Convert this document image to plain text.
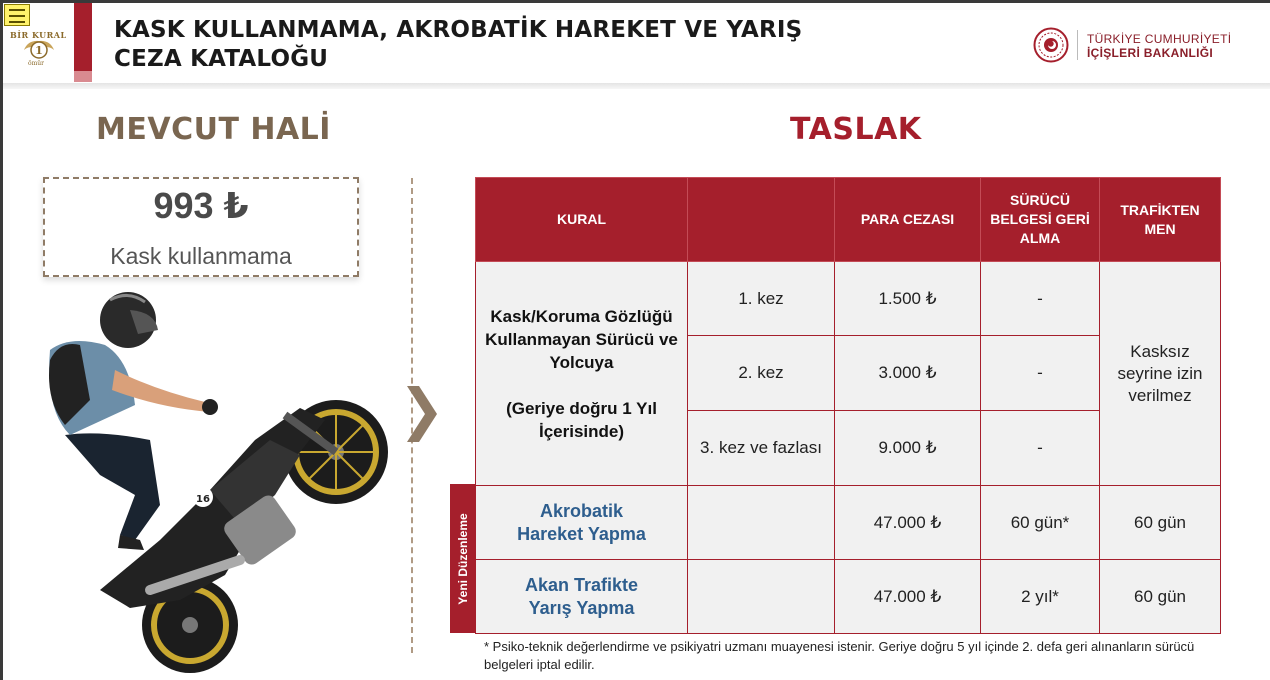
BİR KURAL
1
ömür
KASK KULLANMAMA, AKROBATİK HAREKET VE YARIŞ
CEZA KATALOĞU
TÜRKİYE CUMHURİYETİ
İÇİŞLERİ BAKANLIĞI
MEVCUT HALİ
993 ₺
Kask kullanmama
16
TASLAK
KURAL		PARA CEZASI	SÜRÜCÜ BELGESİ GERİ ALMA	TRAFİKTEN MEN
Kask/Koruma Gözlüğü Kullanmayan Sürücü ve Yolcuya

(Geriye doğru 1 Yıl İçerisinde)	1. kez	1.500 ₺	-	Kasksız seyrine izin verilmez
	2. kez	3.000 ₺	-	
	3. kez ve fazlası	9.000 ₺	-	
Akrobatik Hareket Yapma		47.000 ₺	60 gün*	60 gün
Akan Trafikte Yarış Yapma		47.000 ₺	2 yıl*	60 gün
Yeni Düzenleme
* Psiko-teknik değerlendirme ve psikiyatri uzmanı muayenesi istenir. Geriye doğru 5 yıl içinde 2. defa geri alınanların sürücü belgeleri iptal edilir.
